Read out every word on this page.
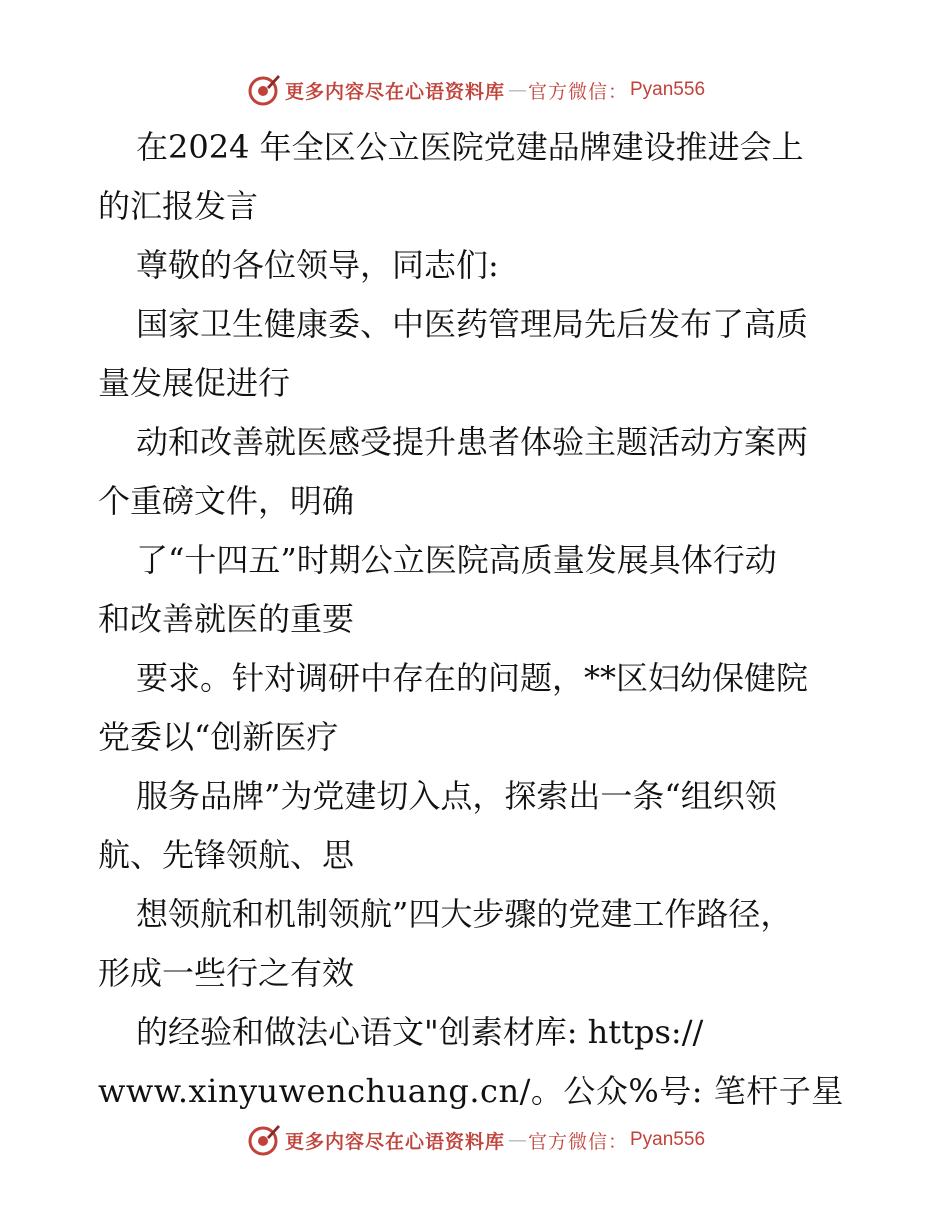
更多内容尽在心语资料库 — 官方微信： Pyan556
在2024 年全区公立医院党建品牌建设推进会上
的汇报发言
尊敬的各位领导，同志们:
国家卫生健康委、中医药管理局先后发布了高质
量发展促进行
动和改善就医感受提升患者体验主题活动方案两
个重磅文件，明确
了“十四五”时期公立医院高质量发展具体行动
和改善就医的重要
要求。针对调研中存在的问题，**区妇幼保健院
党委以“创新医疗
服务品牌”为党建切入点，探索出一条“组织领
航、先锋领航、思
想领航和机制领航”四大步骤的党建工作路径，
形成一些行之有效
的经验和做法心语文"创素材库: https://
www.xinyuwenchuang.cn/。公众%号: 笔杆子星
更多内容尽在心语资料库 — 官方微信： Pyan556
